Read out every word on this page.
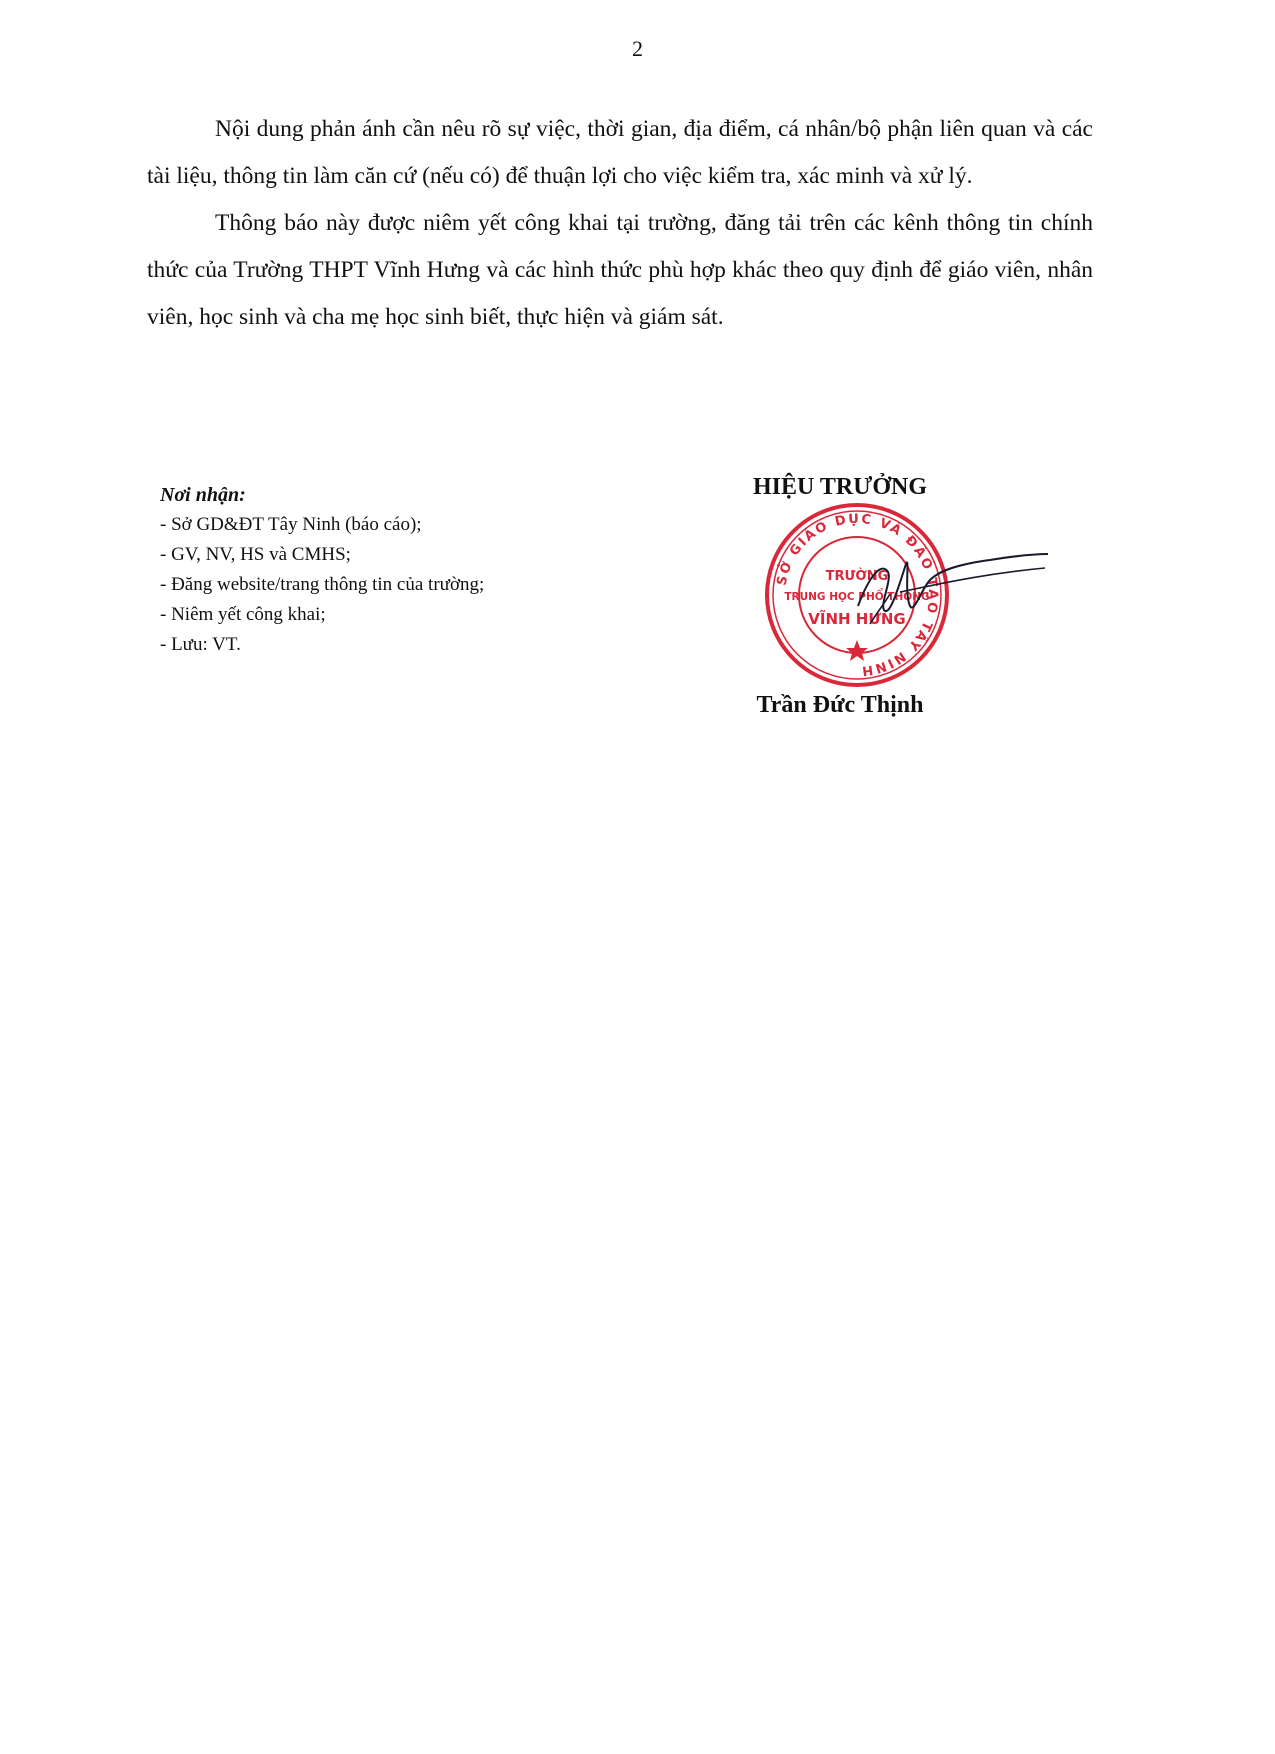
2

Nội dung phản ánh cần nêu rõ sự việc, thời gian, địa điểm, cá nhân/bộ phận liên quan và các tài liệu, thông tin làm căn cứ (nếu có) để thuận lợi cho việc kiểm tra, xác minh và xử lý.

Thông báo này được niêm yết công khai tại trường, đăng tải trên các kênh thông tin chính thức của Trường THPT Vĩnh Hưng và các hình thức phù hợp khác theo quy định để giáo viên, nhân viên, học sinh và cha mẹ học sinh biết, thực hiện và giám sát.

Nơi nhận:
- Sở GD&ĐT Tây Ninh (báo cáo);
- GV, NV, HS và CMHS;
- Đăng website/trang thông tin của trường;
- Niêm yết công khai;
- Lưu: VT.
HIỆU TRƯỞNG
SỞ GIÁO DỤC VÀ ĐÀO TẠO TÂY NINH
TRƯỜNG
TRUNG HỌC PHỔ THÔNG
VĨNH HƯNG
Trần Đức Thịnh
